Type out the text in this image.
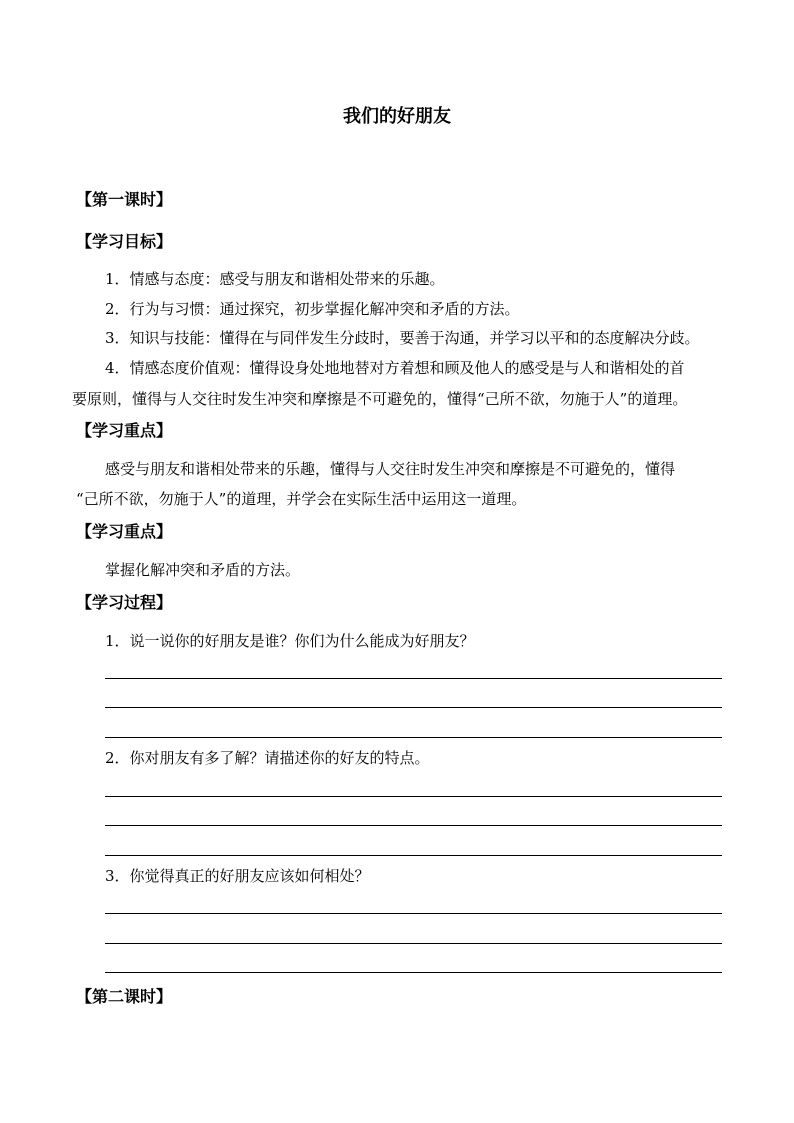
我们的好朋友
【第一课时】
【学习目标】
1．情感与态度：感受与朋友和谐相处带来的乐趣。
2．行为与习惯：通过探究，初步掌握化解冲突和矛盾的方法。
3．知识与技能：懂得在与同伴发生分歧时，要善于沟通，并学习以平和的态度解决分歧。
4．情感态度价值观：懂得设身处地地替对方着想和顾及他人的感受是与人和谐相处的首
要原则，懂得与人交往时发生冲突和摩擦是不可避免的，懂得“己所不欲，勿施于人”的道理。
【学习重点】
感受与朋友和谐相处带来的乐趣，懂得与人交往时发生冲突和摩擦是不可避免的，懂得
“己所不欲，勿施于人”的道理，并学会在实际生活中运用这一道理。
【学习重点】
掌握化解冲突和矛盾的方法。
【学习过程】
1．说一说你的好朋友是谁？你们为什么能成为好朋友？
2．你对朋友有多了解？请描述你的好友的特点。
3．你觉得真正的好朋友应该如何相处？
【第二课时】
